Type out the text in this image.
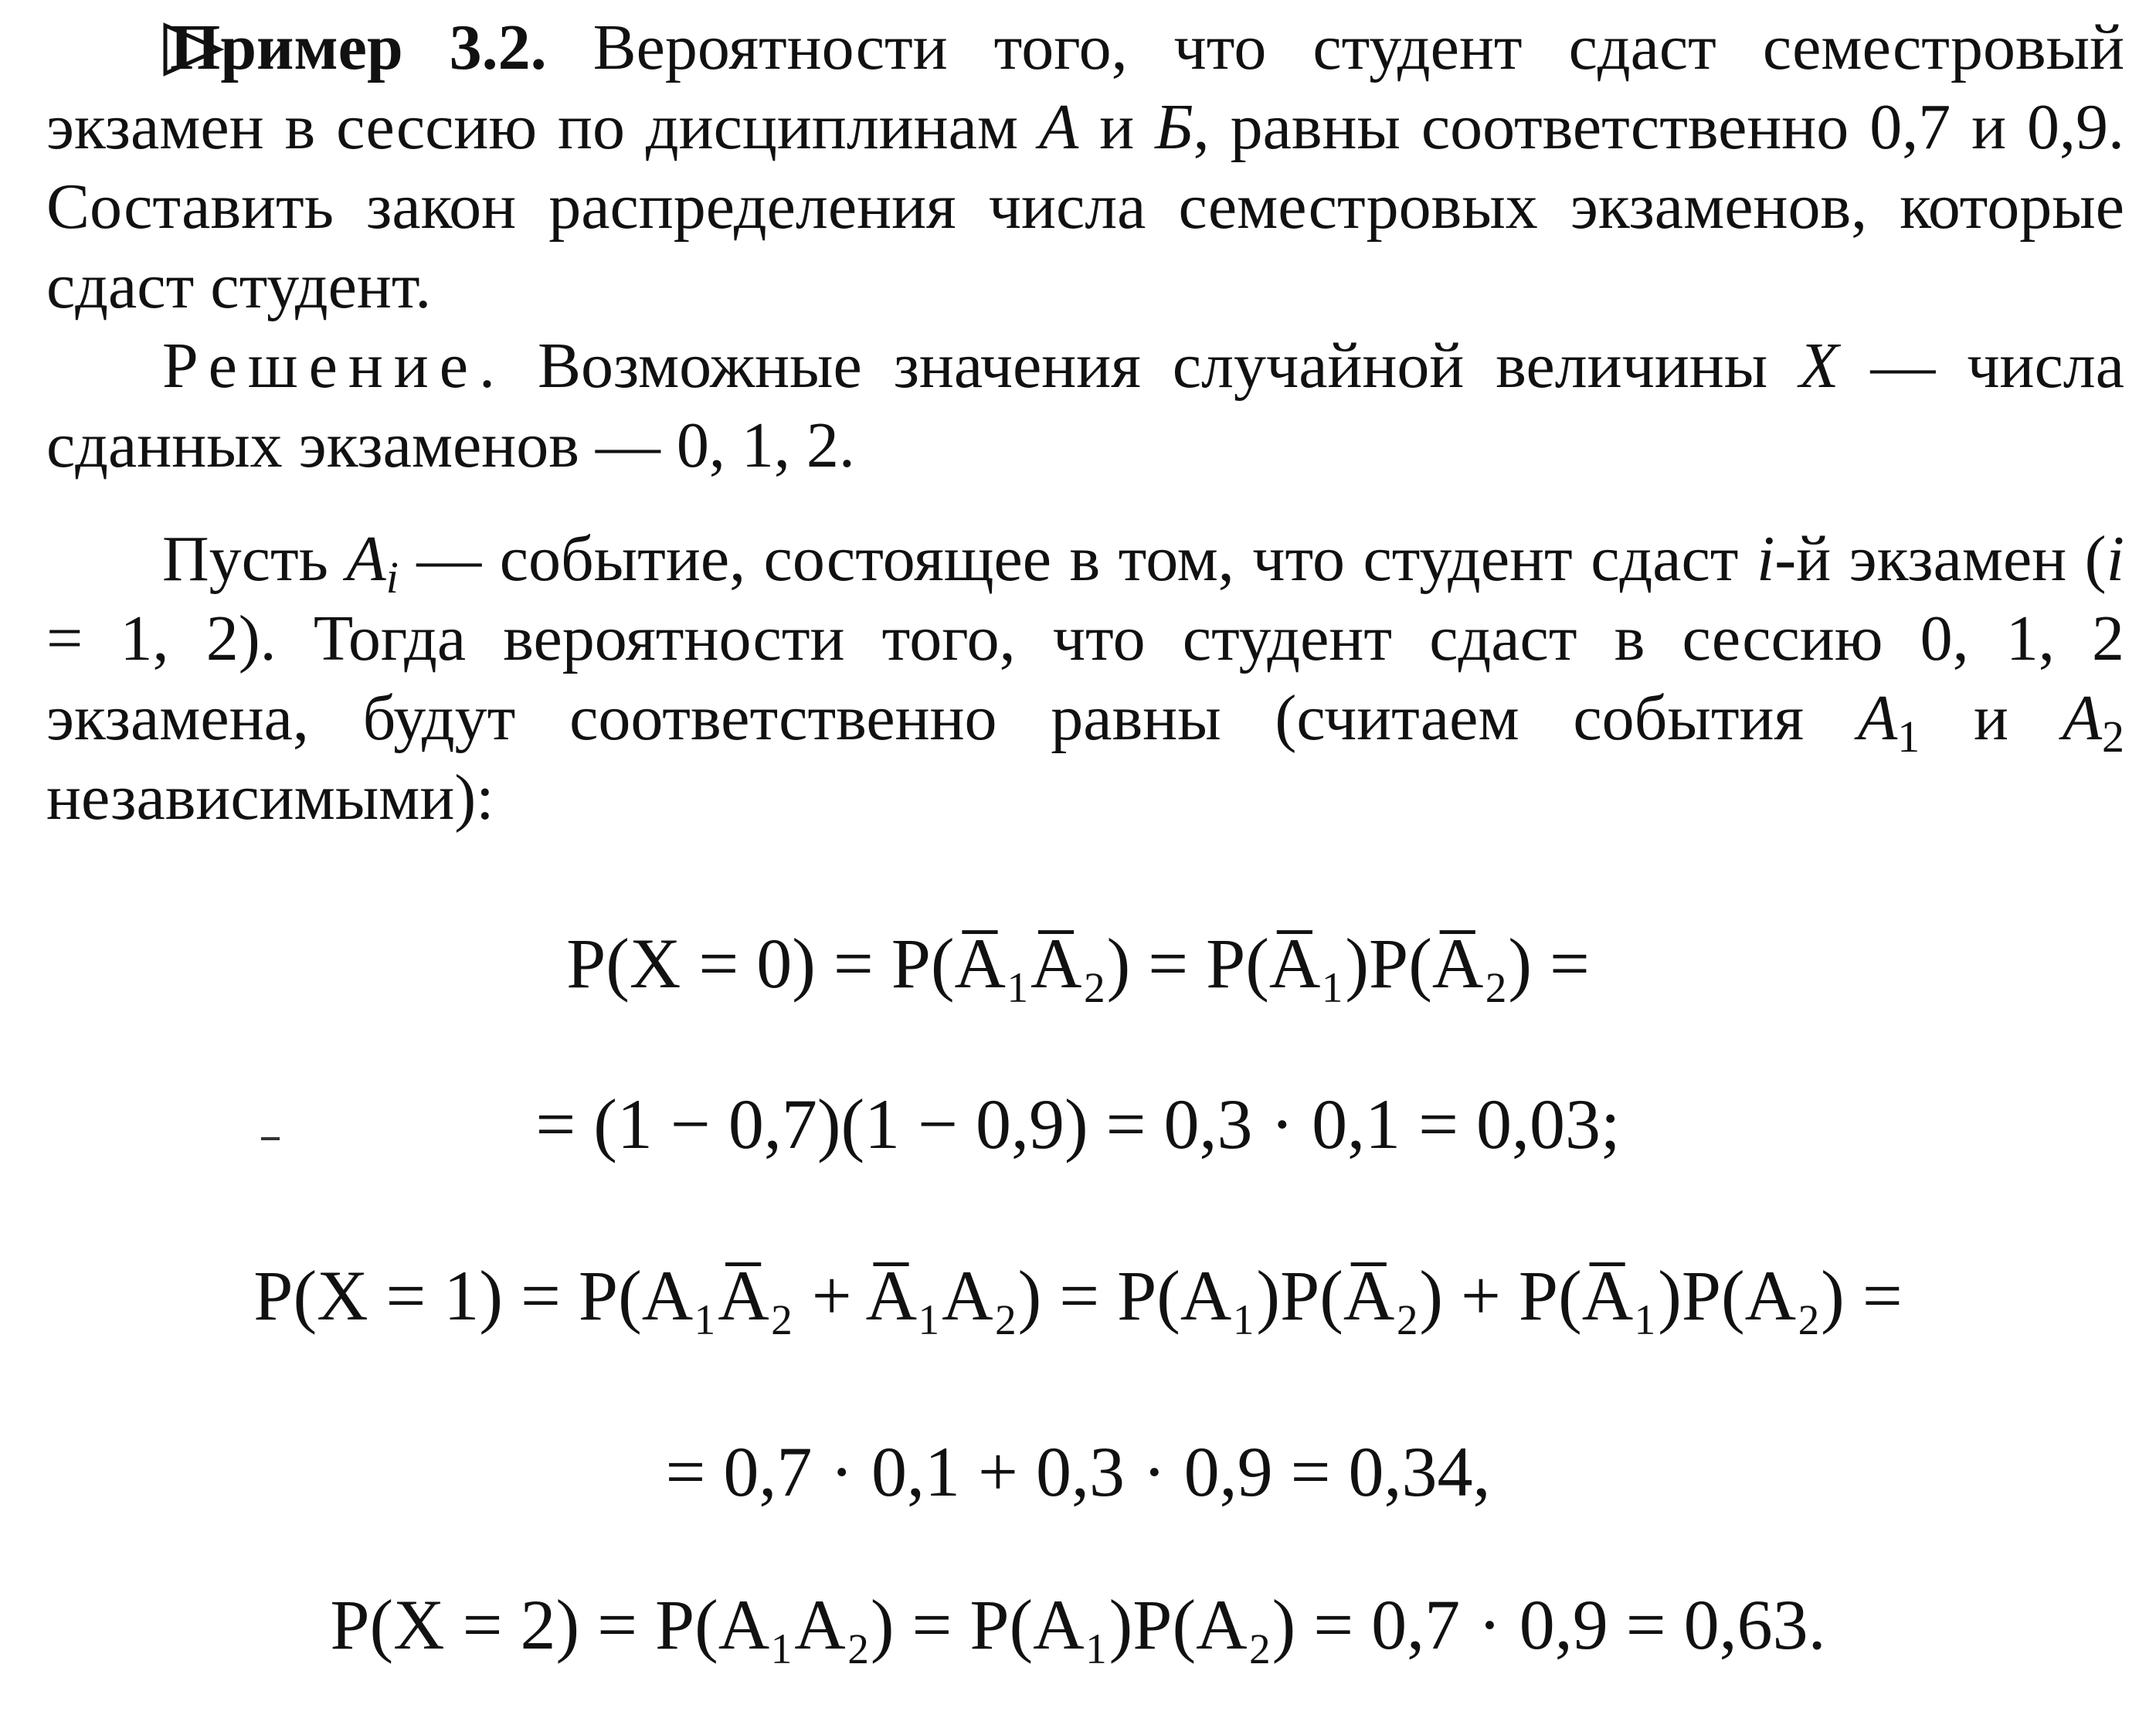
Пример 3.2. Вероятности того, что студент сдаст семестровый экзамен в сессию по дисциплинам А и Б, равны соответственно 0,7 и 0,9. Составить закон распределения числа семестровых экзаменов, которые сдаст студент.
Решение. Возможные значения случайной величины X — числа сданных экзаменов — 0, 1, 2.

Пусть $A_i$ — событие, состоящее в том, что студент сдаст i-й экзамен (i = 1, 2). Тогда вероятности того, что студент сдаст в сессию 0, 1, 2 экзамена, будут соответственно равны (считаем события $A_1$ и $A_2$ независимыми):

P(X = 0) = P(A̅₁A̅₂) = P(A̅₁)P(A̅₂) =
= (1 − 0,7)(1 − 0,9) = 0,3 · 0,1 = 0,03;
P(X = 1) = P(A₁A̅₂ + A̅₁A₂) = P(A₁)P(A̅₂) + P(A̅₁)P(A₂) =
= 0,7 · 0,1 + 0,3 · 0,9 = 0,34,
P(X = 2) = P(A₁A₂) = P(A₁)P(A₂) = 0,7 · 0,9 = 0,63.
